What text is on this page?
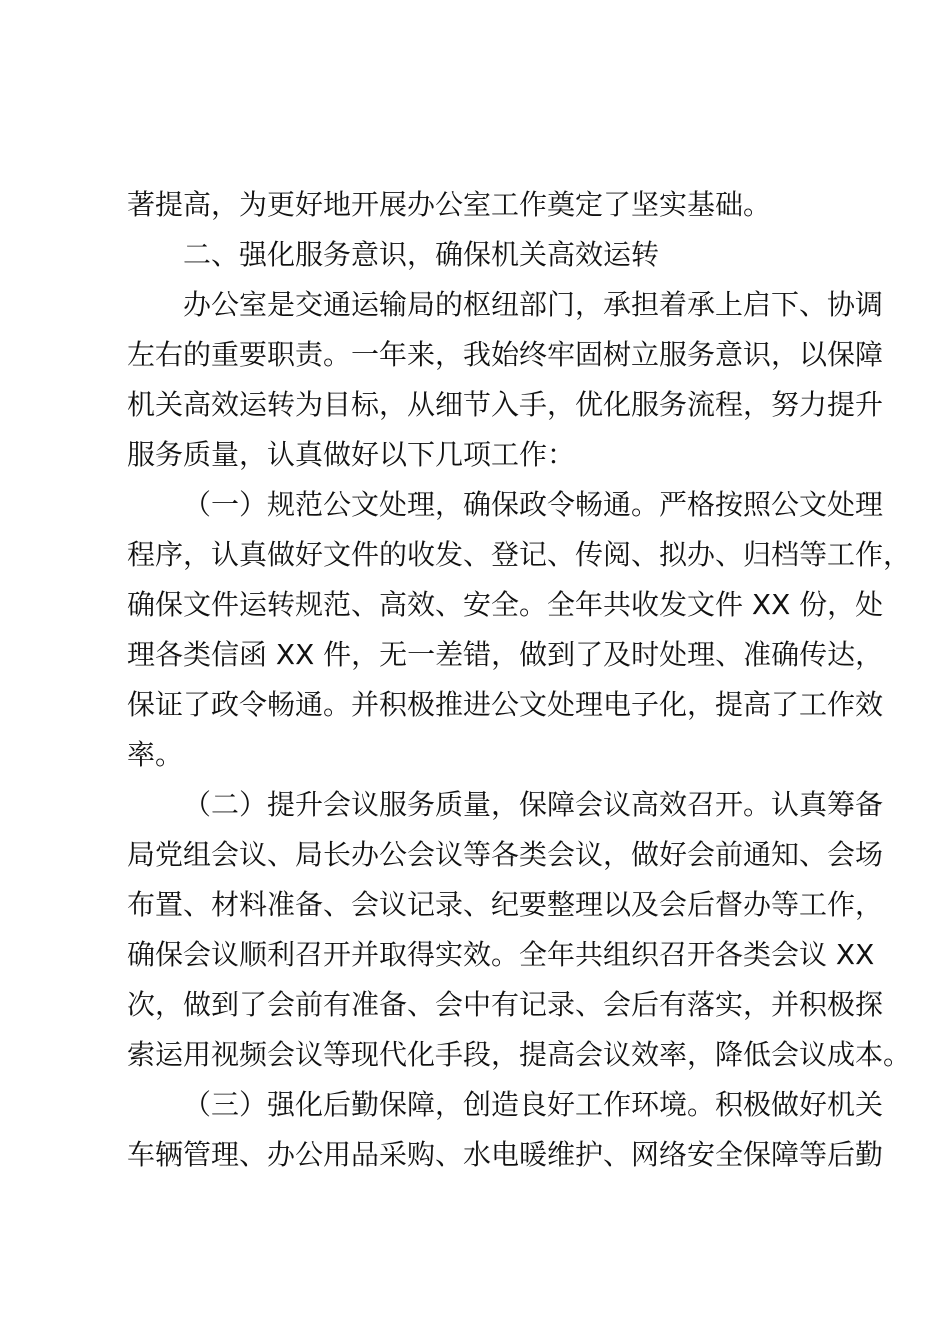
著提高，为更好地开展办公室工作奠定了坚实基础。
二、强化服务意识，确保机关高效运转
办公室是交通运输局的枢纽部门，承担着承上启下、协调
左右的重要职责。一年来，我始终牢固树立服务意识，以保障
机关高效运转为目标，从细节入手，优化服务流程，努力提升
服务质量，认真做好以下几项工作：
（一）规范公文处理，确保政令畅通。严格按照公文处理
程序，认真做好文件的收发、登记、传阅、拟办、归档等工作，
确保文件运转规范、高效、安全。全年共收发文件 XX 份，处
理各类信函 XX 件，无一差错，做到了及时处理、准确传达，
保证了政令畅通。并积极推进公文处理电子化，提高了工作效
率。
（二）提升会议服务质量，保障会议高效召开。认真筹备
局党组会议、局长办公会议等各类会议，做好会前通知、会场
布置、材料准备、会议记录、纪要整理以及会后督办等工作，
确保会议顺利召开并取得实效。全年共组织召开各类会议 XX
次，做到了会前有准备、会中有记录、会后有落实，并积极探
索运用视频会议等现代化手段，提高会议效率，降低会议成本。
（三）强化后勤保障，创造良好工作环境。积极做好机关
车辆管理、办公用品采购、水电暖维护、网络安全保障等后勤
